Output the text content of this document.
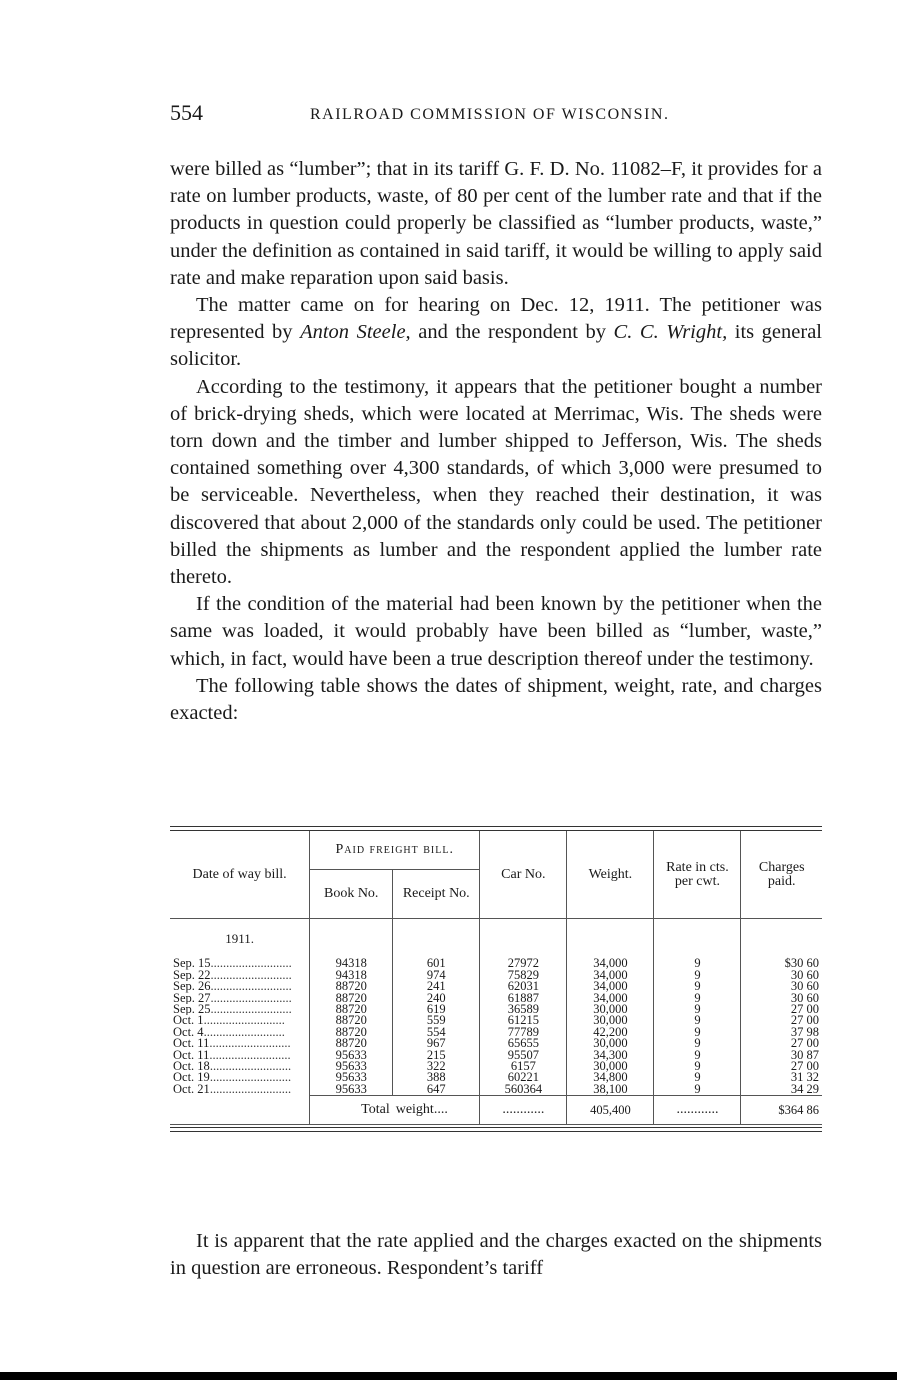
554	RAILROAD COMMISSION OF WISCONSIN.

were billed as “lumber”; that in its tariff G. F. D. No. 11082–F, it provides for a rate on lumber products, waste, of 80 per cent of the lumber rate and that if the products in question could properly be classified as “lumber products, waste,” under the definition as contained in said tariff, it would be willing to apply said rate and make reparation upon said basis.

The matter came on for hearing on Dec. 12, 1911. The petitioner was represented by Anton Steele, and the respondent by C. C. Wright, its general solicitor.

According to the testimony, it appears that the petitioner bought a number of brick-drying sheds, which were located at Merrimac, Wis. The sheds were torn down and the timber and lumber shipped to Jefferson, Wis. The sheds contained something over 4,300 standards, of which 3,000 were presumed to be serviceable. Nevertheless, when they reached their destination, it was discovered that about 2,000 of the standards only could be used. The petitioner billed the shipments as lumber and the respondent applied the lumber rate thereto.

If the condition of the material had been known by the petitioner when the same was loaded, it would probably have been billed as “lumber, waste,” which, in fact, would have been a true description thereof under the testimony.

The following table shows the dates of shipment, weight, rate, and charges exacted:

Date of way bill.	Paid freight bill.		Car No.	Weight.	Rate in cts. per cwt.	Charges paid.
	Book No.	Receipt No.				
1911.						
Sep. 15..........................	94318	601	27972	34,000	9	$30 60
Sep. 22..........................	94318	974	75829	34,000	9	30 60
Sep. 26..........................	88720	241	62031	34,000	9	30 60
Sep. 27..........................	88720	240	61887	34,000	9	30 60
Sep. 25..........................	88720	619	36589	30,000	9	27 00
Oct. 1..........................	88720	559	61215	30,000	9	27 00
Oct. 4..........................	88720	554	77789	42,200	9	37 98
Oct. 11..........................	88720	967	65655	30,000	9	27 00
Oct. 11..........................	95633	215	95507	34,300	9	30 87
Oct. 18..........................	95633	322	6157	30,000	9	27 00
Oct. 19..........................	95633	388	60221	34,800	9	31 32
Oct. 21..........................	95633	647	560364	38,100	9	34 29
	Total	weight....	............	405,400	............	$364 86

It is apparent that the rate applied and the charges exacted on the shipments in question are erroneous. Respondent’s tariff
